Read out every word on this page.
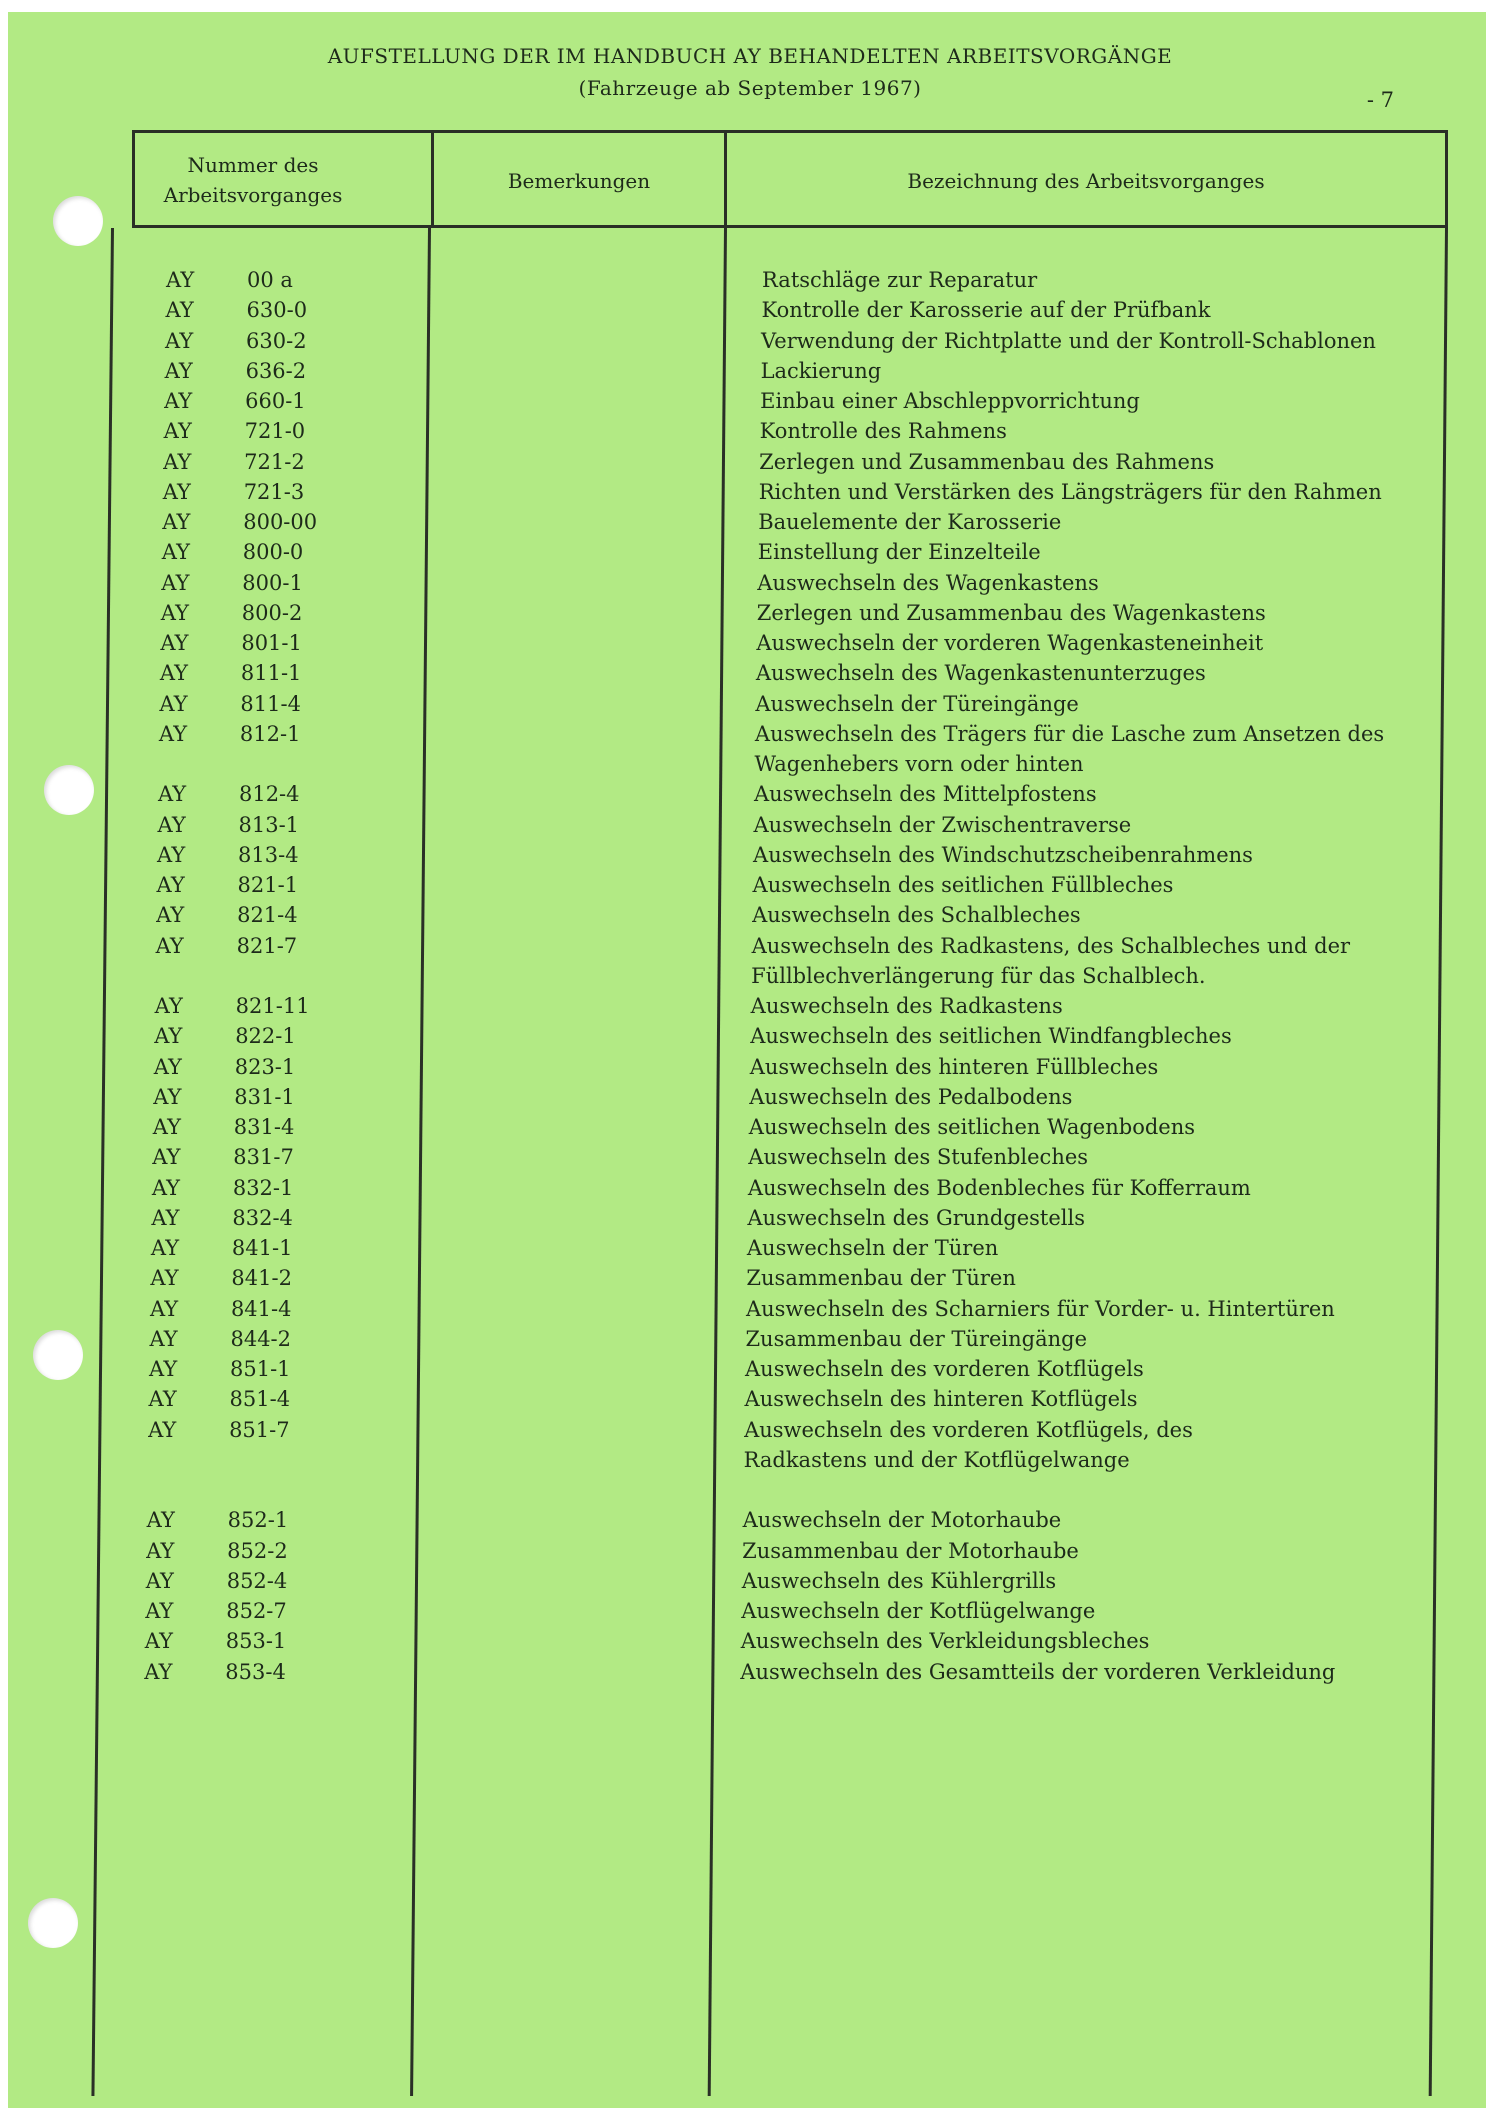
AUFSTELLUNG DER IM HANDBUCH AY BEHANDELTEN ARBEITSVORGÄNGE
(Fahrzeuge ab September 1967)	- 7
Nummer des Arbeitsvorganges
Bemerkungen	Bezeichnung des Arbeitsvorganges
AY	00 a	Ratschläge zur Reparatur
AY	630-0	Kontrolle der Karosserie auf der Prüfbank
AY	630-2	Verwendung der Richtplatte und der Kontroll-Schablonen
AY	636-2	Lackierung
AY	660-1	Einbau einer Abschleppvorrichtung
AY	721-0	Kontrolle des Rahmens
AY	721-2	Zerlegen und Zusammenbau des Rahmens
AY	721-3	Richten und Verstärken des Längsträgers für den Rahmen
AY	800-00	Bauelemente der Karosserie
AY	800-0	Einstellung der Einzelteile
AY	800-1	Auswechseln des Wagenkastens
AY	800-2	Zerlegen und Zusammenbau des Wagenkastens
AY	801-1	Auswechseln der vorderen Wagenkasteneinheit
AY	811-1	Auswechseln des Wagenkastenunterzuges
AY	811-4	Auswechseln der Türeingänge
AY	812-1	Auswechseln des Trägers für die Lasche zum Ansetzen des
Wagenhebers vorn oder hinten
AY	812-4	Auswechseln des Mittelpfostens
AY	813-1	Auswechseln der Zwischentraverse
AY	813-4	Auswechseln des Windschutzscheibenrahmens
AY	821-1	Auswechseln des seitlichen Füllbleches
AY	821-4	Auswechseln des Schalbleches
AY	821-7	Auswechseln des Radkastens, des Schalbleches und der
Füllblechverlängerung für das Schalblech.
AY	821-11	Auswechseln des Radkastens
AY	822-1	Auswechseln des seitlichen Windfangbleches
AY	823-1	Auswechseln des hinteren Füllbleches
AY	831-1	Auswechseln des Pedalbodens
AY	831-4	Auswechseln des seitlichen Wagenbodens
AY	831-7	Auswechseln des Stufenbleches
AY	832-1	Auswechseln des Bodenbleches für Kofferraum
AY	832-4	Auswechseln des Grundgestells
AY	841-1	Auswechseln der Türen
AY	841-2	Zusammenbau der Türen
AY	841-4	Auswechseln des Scharniers für Vorder- u. Hintertüren
AY	844-2	Zusammenbau der Türeingänge
AY	851-1	Auswechseln des vorderen Kotflügels
AY	851-4	Auswechseln des hinteren Kotflügels
AY	851-7	Auswechseln des vorderen Kotflügels, des
Radkastens und der Kotflügelwange
AY	852-1	Auswechseln der Motorhaube
AY	852-2	Zusammenbau der Motorhaube
AY	852-4	Auswechseln des Kühlergrills
AY	852-7	Auswechseln der Kotflügelwange
AY	853-1	Auswechseln des Verkleidungsbleches
AY	853-4	Auswechseln des Gesamtteils der vorderen Verkleidung
